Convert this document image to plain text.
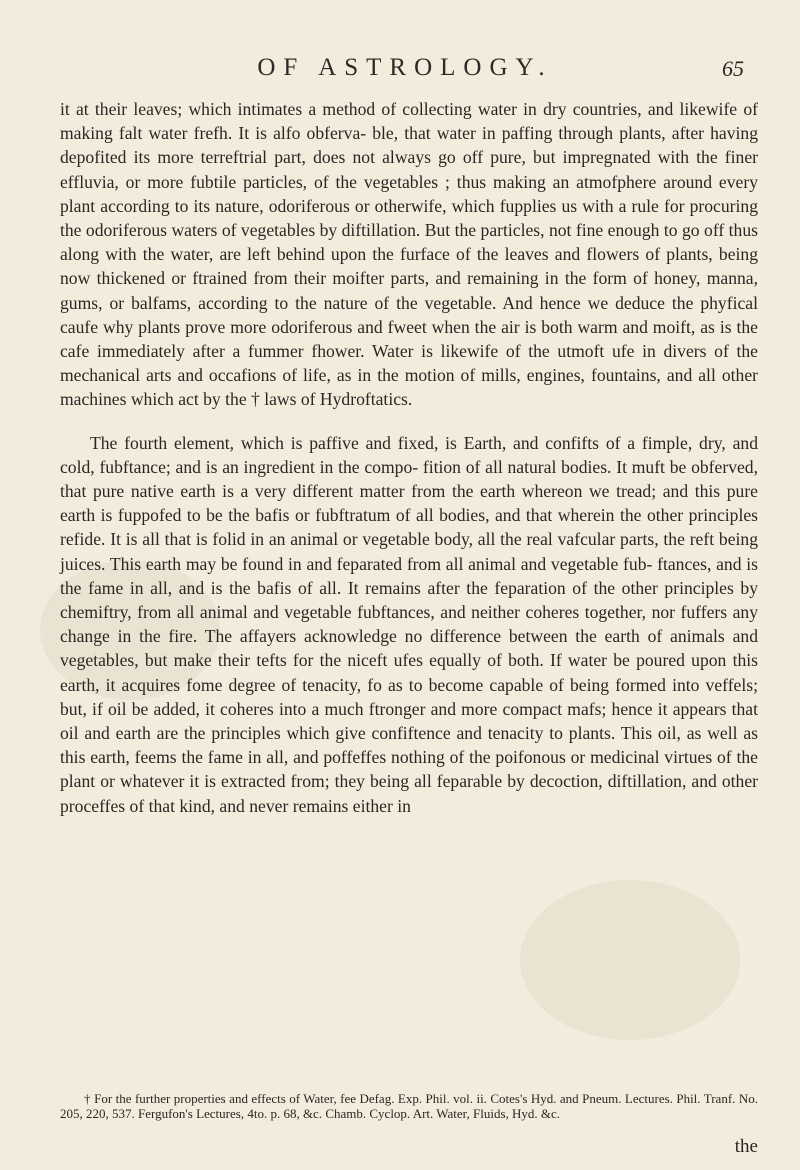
OF ASTROLOGY.	65

it at their leaves; which intimates a method of collecting water in dry countries, and likewife of making falt water frefh. It is alfo obferva- ble, that water in paffing through plants, after having depofited its more terreftrial part, does not always go off pure, but impregnated with the finer effluvia, or more fubtile particles, of the vegetables ; thus making an atmofphere around every plant according to its nature, odoriferous or otherwife, which fupplies us with a rule for procuring the odoriferous waters of vegetables by diftillation. But the particles, not fine enough to go off thus along with the water, are left behind upon the furface of the leaves and flowers of plants, being now thickened or ftrained from their moifter parts, and remaining in the form of honey, manna, gums, or balfams, according to the nature of the vegetable. And hence we deduce the phyfical caufe why plants prove more odoriferous and fweet when the air is both warm and moift, as is the cafe immediately after a fummer fhower. Water is likewife of the utmoft ufe in divers of the mechanical arts and occafions of life, as in the motion of mills, engines, fountains, and all other machines which act by the † laws of Hydroftatics.

The fourth element, which is paffive and fixed, is Earth, and confifts of a fimple, dry, and cold, fubftance; and is an ingredient in the compo- fition of all natural bodies. It muft be obferved, that pure native earth is a very different matter from the earth whereon we tread; and this pure earth is fuppofed to be the bafis or fubftratum of all bodies, and that wherein the other principles refide. It is all that is folid in an animal or vegetable body, all the real vafcular parts, the reft being juices. This earth may be found in and feparated from all animal and vegetable fub- ftances, and is the fame in all, and is the bafis of all. It remains after the feparation of the other principles by chemiftry, from all animal and vegetable fubftances, and neither coheres together, nor fuffers any change in the fire. The affayers acknowledge no difference between the earth of animals and vegetables, but make their tefts for the niceft ufes equally of both. If water be poured upon this earth, it acquires fome degree of tenacity, fo as to become capable of being formed into veffels; but, if oil be added, it coheres into a much ftronger and more compact mafs; hence it appears that oil and earth are the principles which give confiftence and tenacity to plants. This oil, as well as this earth, feems the fame in all, and poffeffes nothing of the poifonous or medicinal virtues of the plant or whatever it is extracted from; they being all feparable by decoction, diftillation, and other proceffes of that kind, and never remains either in

† For the further properties and effects of Water, fee Defag. Exp. Phil. vol. ii. Cotes's Hyd. and Pneum. Lectures. Phil. Tranf. No. 205, 220, 537. Fergufon's Lectures, 4to. p. 68, &c. Chamb. Cyclop. Art. Water, Fluids, Hyd. &c.
the
